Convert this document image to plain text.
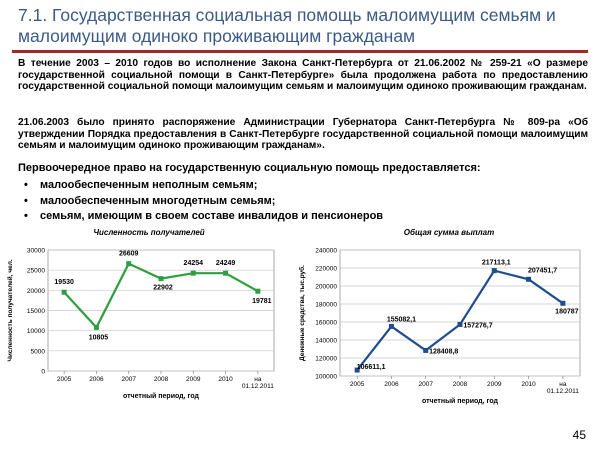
7.1. Государственная социальная помощь малоимущим семьям и малоимущим одиноко проживающим гражданам
В течение 2003 – 2010 годов во исполнение Закона Санкт-Петербурга от 21.06.2002 № 259-21 «О размере государственной социальной помощи в Санкт-Петербурге» была продолжена работа по предоставлению государственной социальной помощи малоимущим семьям и малоимущим одиноко проживающим гражданам.
21.06.2003 было принято распоряжение Администрации Губернатора Санкт-Петербурга № 809-ра «Об утверждении Порядка предоставления в Санкт-Петербурге государственной социальной помощи малоимущим семьям и малоимущим одиноко проживающим гражданам».
Первоочередное право на государственную социальную помощь предоставляется:
• малообеспеченным неполным семьям;
• малообеспеченным многодетным семьям;
• семьям, имеющим в своем составе инвалидов и пенсионеров
Численность получателей
0
5000
10000
15000
20000
25000
30000
2005	2006	2007	2008	2009	2010	на
01.12.2011
отчетный период, год
Численность получателей, чел.	19530
10805
26609
22902
24254 24249
19781
Общая сумма выплат
100000
120000
140000
160000
180000
200000
220000
240000
2005	2006	2007	2008	2009	2010	на
01.12.2011
отчетный период, год
Денежные средства, тыс.руб.
106611,1
155082,1
128408,8
157276,7
217113,1
207451,7
180787
45
